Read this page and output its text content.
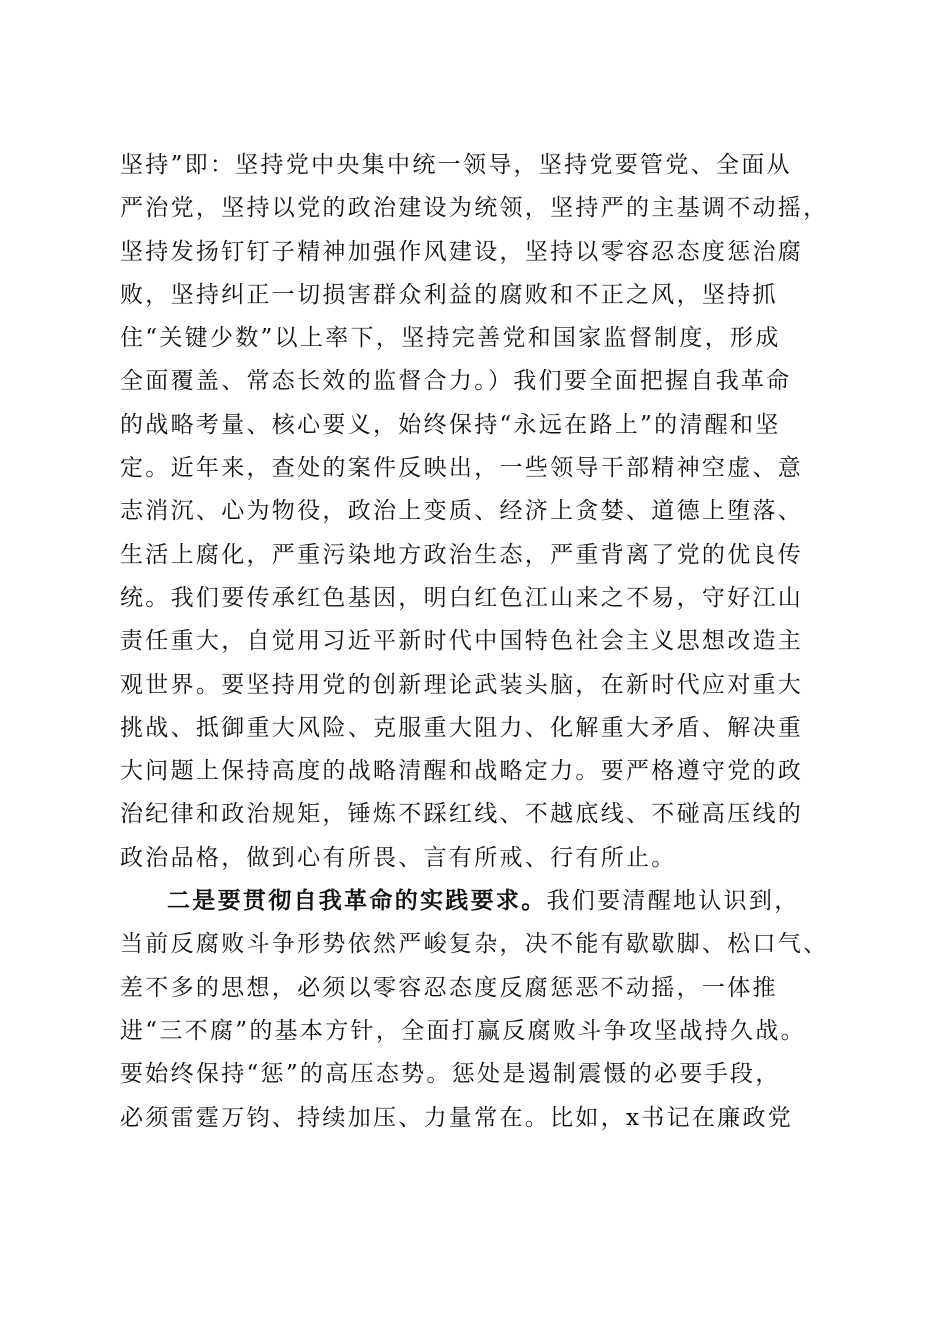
坚持”即：坚持党中央集中统一领导，坚持党要管党、全面从
严治党，坚持以党的政治建设为统领，坚持严的主基调不动摇，
坚持发扬钉钉子精神加强作风建设，坚持以零容忍态度惩治腐
败，坚持纠正一切损害群众利益的腐败和不正之风，坚持抓
住“关键少数”以上率下，坚持完善党和国家监督制度，形成
全面覆盖、常态长效的监督合力。）我们要全面把握自我革命
的战略考量、核心要义，始终保持“永远在路上”的清醒和坚
定。近年来，查处的案件反映出，一些领导干部精神空虚、意
志消沉、心为物役，政治上变质、经济上贪婪、道德上堕落、
生活上腐化，严重污染地方政治生态，严重背离了党的优良传
统。我们要传承红色基因，明白红色江山来之不易，守好江山
责任重大，自觉用习近平新时代中国特色社会主义思想改造主
观世界。要坚持用党的创新理论武装头脑，在新时代应对重大
挑战、抵御重大风险、克服重大阻力、化解重大矛盾、解决重
大问题上保持高度的战略清醒和战略定力。要严格遵守党的政
治纪律和政治规矩，锤炼不踩红线、不越底线、不碰高压线的
政治品格，做到心有所畏、言有所戒、行有所止。
二是要贯彻自我革命的实践要求。我们要清醒地认识到，
当前反腐败斗争形势依然严峻复杂，决不能有歇歇脚、松口气、
差不多的思想，必须以零容忍态度反腐惩恶不动摇，一体推
进“三不腐”的基本方针，全面打赢反腐败斗争攻坚战持久战。
要始终保持“惩”的高压态势。惩处是遏制震慑的必要手段，
必须雷霆万钧、持续加压、力量常在。比如，x书记在廉政党
